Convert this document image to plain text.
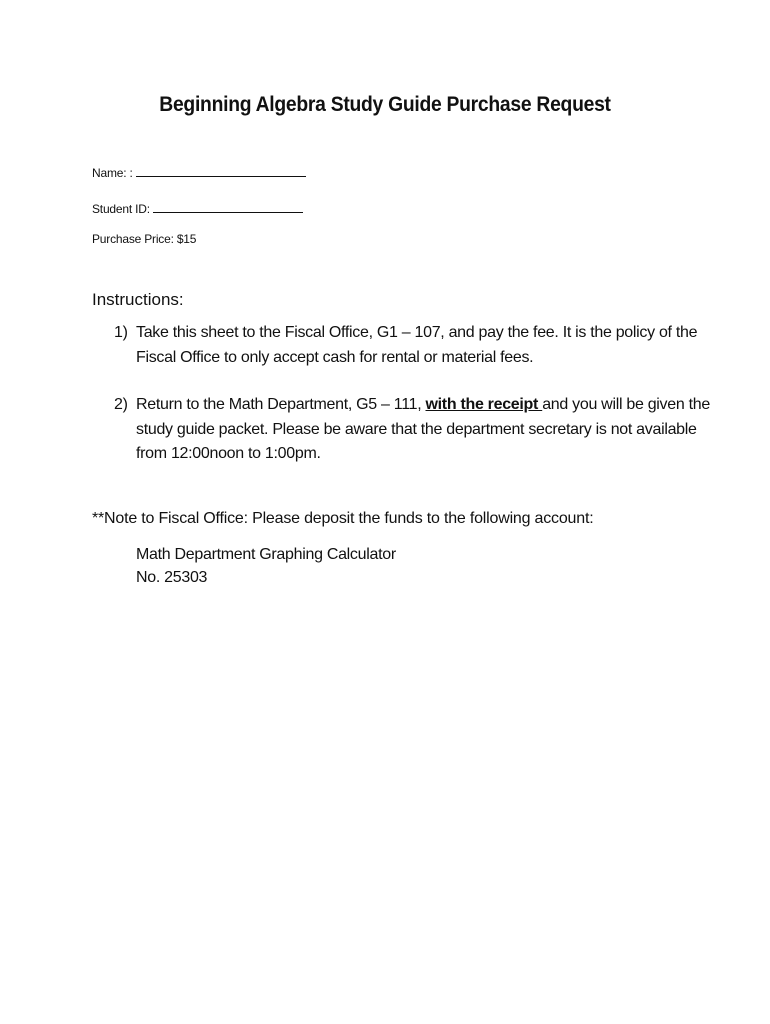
Beginning Algebra Study Guide Purchase Request
Name: :
Student ID:
Purchase Price: $15
Instructions:
1) Take this sheet to the Fiscal Office, G1 – 107, and pay the fee. It is the policy of the Fiscal Office to only accept cash for rental or material fees.
2) Return to the Math Department, G5 – 111, with the receipt and you will be given the study guide packet. Please be aware that the department secretary is not available from 12:00noon to 1:00pm.
**Note to Fiscal Office: Please deposit the funds to the following account:
Math Department Graphing Calculator
No. 25303
